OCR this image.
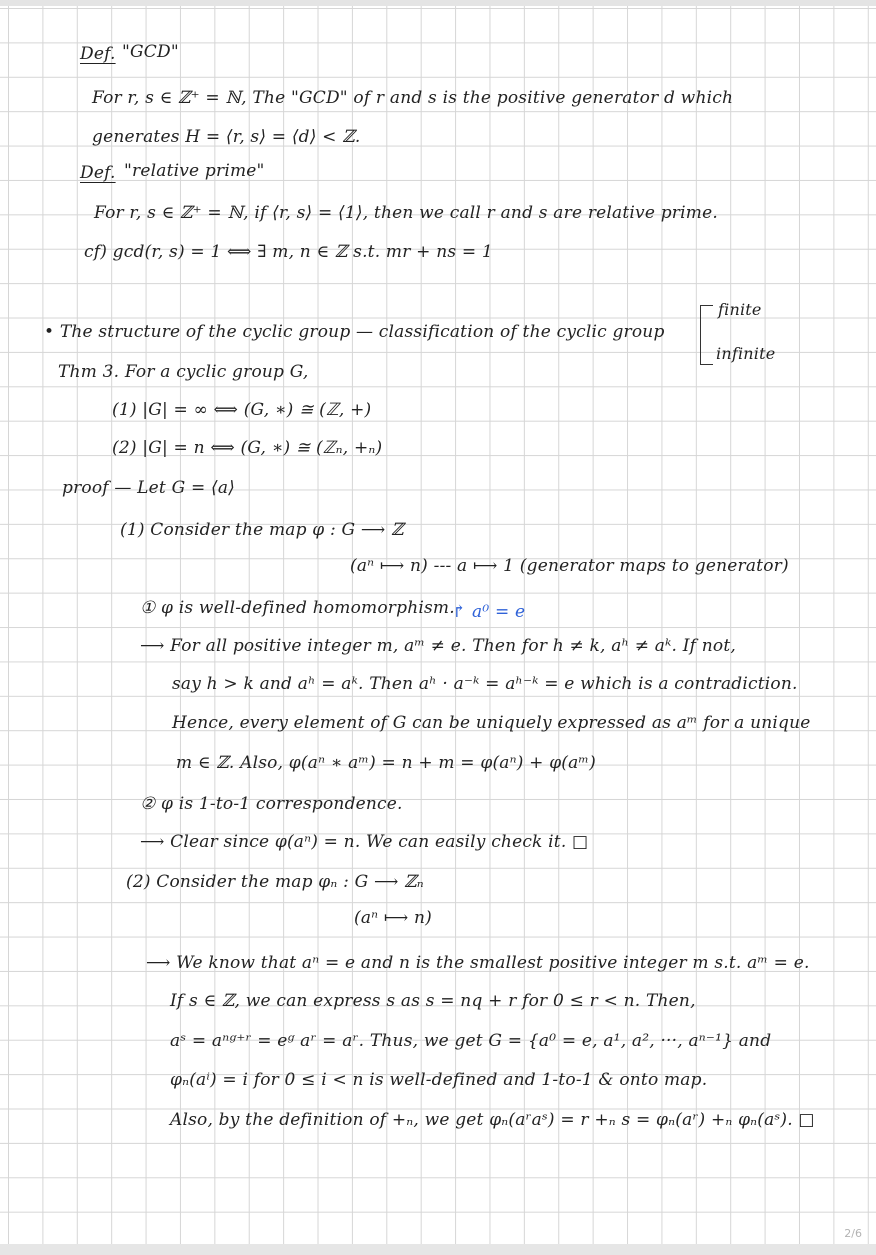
Def. "GCD"
For r, s ∈ ℤ⁺ = ℕ, The "GCD" of r and s is the positive generator d which
generates H = ⟨r, s⟩ = ⟨d⟩ < ℤ.
Def. "relative prime"
For r, s ∈ ℤ⁺ = ℕ, if ⟨r, s⟩ = ⟨1⟩, then we call r and s are relative prime.
cf) gcd(r, s) = 1 ⟺ ∃ m, n ∈ ℤ s.t. mr + ns = 1
• The structure of the cyclic group — classification of the cyclic group
finite
infinite
Thm 3. For a cyclic group G,
(1) |G| = ∞ ⟺ (G, ∗) ≅ (ℤ, +)
(2) |G| = n ⟺ (G, ∗) ≅ (ℤₙ, +ₙ)
proof — Let G = ⟨a⟩
(1) Consider the map φ : G ⟶ ℤ
(aⁿ ⟼ n) --- a ⟼ 1 (generator maps to generator)
① φ is well-defined homomorphism.
↱ a⁰ = e
⟶ For all positive integer m, aᵐ ≠ e. Then for h ≠ k, aʰ ≠ aᵏ. If not,
say h > k and aʰ = aᵏ. Then aʰ · a⁻ᵏ = aʰ⁻ᵏ = e which is a contradiction.
Hence, every element of G can be uniquely expressed as aᵐ for a unique
m ∈ ℤ. Also, φ(aⁿ ∗ aᵐ) = n + m = φ(aⁿ) + φ(aᵐ)
② φ is 1-to-1 correspondence.
⟶ Clear since φ(aⁿ) = n. We can easily check it. □
(2) Consider the map φₙ : G ⟶ ℤₙ
(aⁿ ⟼ n)
⟶ We know that aⁿ = e and n is the smallest positive integer m s.t. aᵐ = e.
If s ∈ ℤ, we can express s as s = nq + r for 0 ≤ r < n. Then,
aˢ = aⁿᵍ⁺ʳ = eᵍ aʳ = aʳ. Thus, we get G = {a⁰ = e, a¹, a², ···, aⁿ⁻¹} and
φₙ(aⁱ) = i for 0 ≤ i < n is well-defined and 1-to-1 & onto map.
Also, by the definition of +ₙ, we get φₙ(aʳaˢ) = r +ₙ s = φₙ(aʳ) +ₙ φₙ(aˢ). □
2/6
